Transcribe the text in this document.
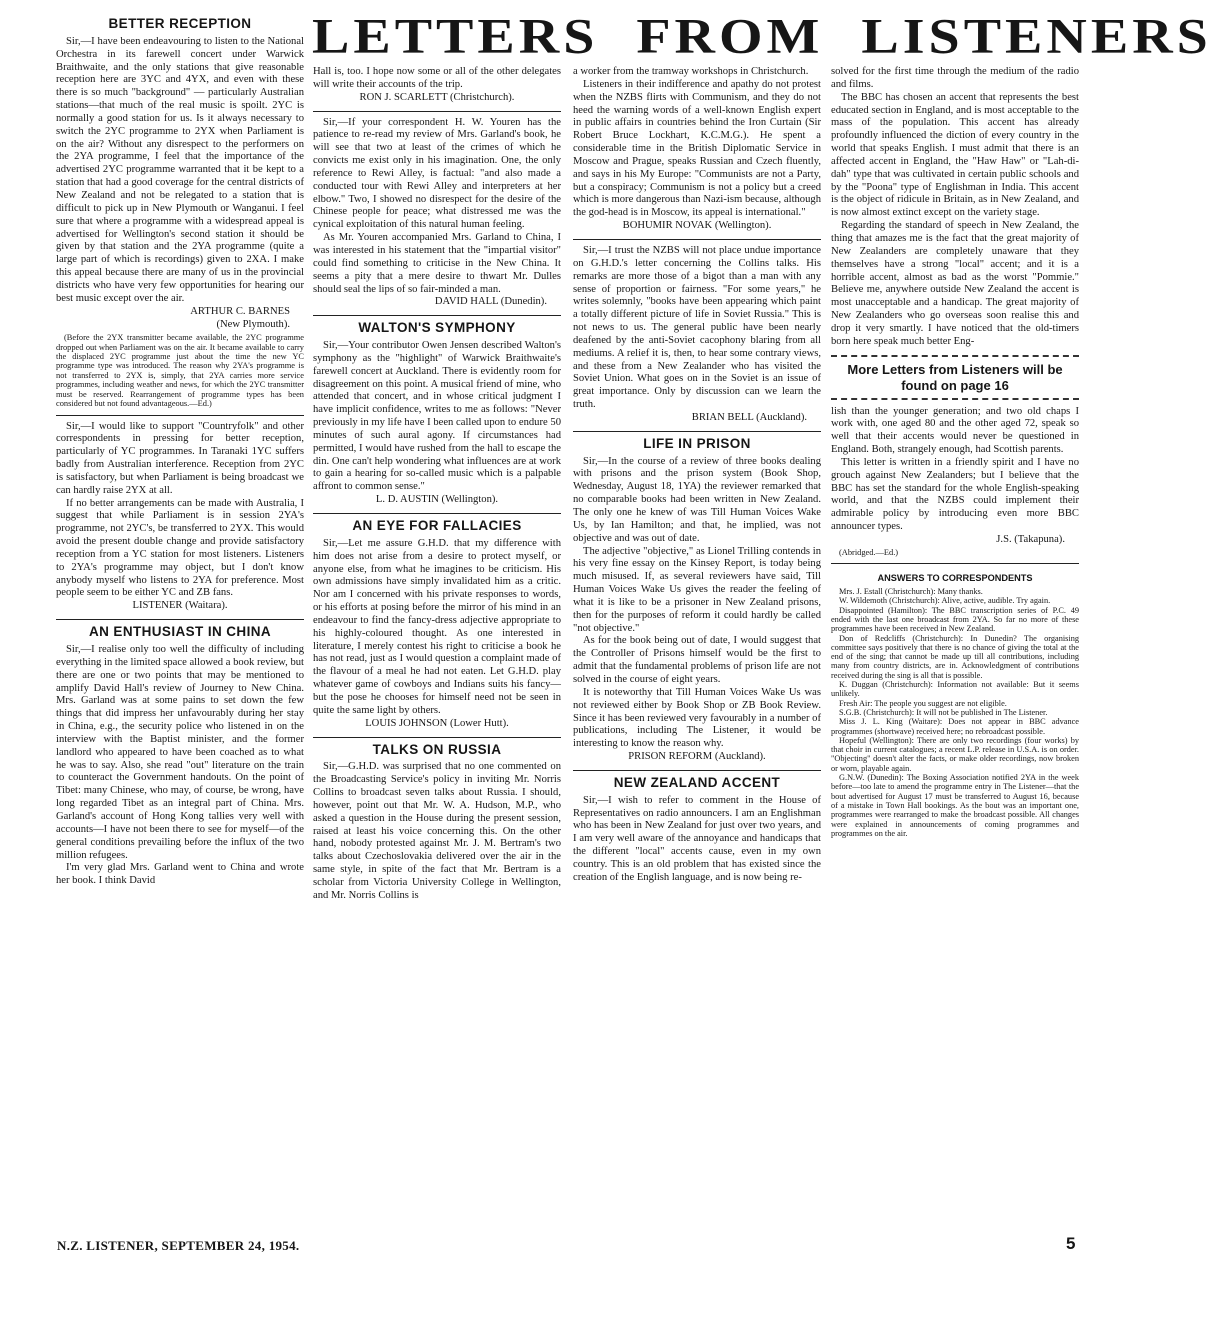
LETTERS FROM LISTENERS
BETTER RECEPTION

Sir,—I have been endeavouring to listen to the National Orchestra in its farewell concert under Warwick Braithwaite, and the only stations that give reasonable reception here are 3YC and 4YX, and even with these there is so much "background" — particularly Australian stations—that much of the real music is spoilt. 2YC is normally a good station for us. Is it always necessary to switch the 2YC programme to 2YX when Parliament is on the air? Without any disrespect to the performers on the 2YA programme, I feel that the importance of the advertised 2YC programme warranted that it be kept to a station that had a good coverage for the central districts of New Zealand and not be relegated to a station that is difficult to pick up in New Plymouth or Wanganui. I feel sure that where a programme with a widespread appeal is advertised for Wellington's second station it should be given by that station and the 2YA programme (quite a large part of which is recordings) given to 2XA. I make this appeal because there are many of us in the provincial districts who have very few opportunities for hearing our best music except over the air.

ARTHUR C. BARNES

(New Plymouth).

(Before the 2YX transmitter became available, the 2YC programme dropped out when Parliament was on the air. It became available to carry the displaced 2YC programme just about the time the new YC programme type was introduced. The reason why 2YA's programme is not transferred to 2YX is, simply, that 2YA carries more service programmes, including weather and news, for which the 2YC transmitter must be reserved. Rearrangement of programme types has been considered but not found advantageous.—Ed.)

Sir,—I would like to support "Countryfolk" and other correspondents in pressing for better reception, particularly of YC programmes. In Taranaki 1YC suffers badly from Australian interference. Reception from 2YC is satisfactory, but when Parliament is being broadcast we can hardly raise 2YX at all.

If no better arrangements can be made with Australia, I suggest that while Parliament is in session 2YA's programme, not 2YC's, be transferred to 2YX. This would avoid the present double change and provide satisfactory reception from a YC station for most listeners. Listeners to 2YA's programme may object, but I don't know anybody myself who listens to 2YA for preference. Most people seem to be either YC and ZB fans.

LISTENER (Waitara).

AN ENTHUSIAST IN CHINA

Sir,—I realise only too well the difficulty of including everything in the limited space allowed a book review, but there are one or two points that may be mentioned to amplify David Hall's review of Journey to New China. Mrs. Garland was at some pains to set down the few things that did impress her unfavourably during her stay in China, e.g., the security police who listened in on the interview with the Baptist minister, and the former landlord who appeared to have been coached as to what he was to say. Also, she read "out" literature on the train to counteract the Government handouts. On the point of Tibet: many Chinese, who may, of course, be wrong, have long regarded Tibet as an integral part of China. Mrs. Garland's account of Hong Kong tallies very well with accounts—I have not been there to see for myself—of the general conditions prevailing before the influx of the two million refugees.

I'm very glad Mrs. Garland went to China and wrote her book. I think David

Hall is, too. I hope now some or all of the other delegates will write their accounts of the trip.

RON J. SCARLETT (Christchurch).

Sir,—If your correspondent H. W. Youren has the patience to re-read my review of Mrs. Garland's book, he will see that two at least of the crimes of which he convicts me exist only in his imagination. One, the only reference to Rewi Alley, is factual: "and also made a conducted tour with Rewi Alley and interpreters at her elbow." Two, I showed no disrespect for the desire of the Chinese people for peace; what distressed me was the cynical exploitation of this natural human feeling.

As Mr. Youren accompanied Mrs. Garland to China, I was interested in his statement that the "impartial visitor" could find something to criticise in the New China. It seems a pity that a mere desire to thwart Mr. Dulles should seal the lips of so fair-minded a man.

DAVID HALL (Dunedin).

WALTON'S SYMPHONY

Sir,—Your contributor Owen Jensen described Walton's symphony as the "highlight" of Warwick Braithwaite's farewell concert at Auckland. There is evidently room for disagreement on this point. A musical friend of mine, who attended that concert, and in whose critical judgment I have implicit confidence, writes to me as follows: "Never previously in my life have I been called upon to endure 50 minutes of such aural agony. If circumstances had permitted, I would have rushed from the hall to escape the din. One can't help wondering what influences are at work to gain a hearing for so-called music which is a palpable affront to common sense."

L. D. AUSTIN (Wellington).

AN EYE FOR FALLACIES

Sir,—Let me assure G.H.D. that my difference with him does not arise from a desire to protect myself, or anyone else, from what he imagines to be criticism. His own admissions have simply invalidated him as a critic. Nor am I concerned with his private responses to words, or his efforts at posing before the mirror of his mind in an endeavour to find the fancy-dress adjective appropriate to his highly-coloured thought. As one interested in literature, I merely contest his right to criticise a book he has not read, just as I would question a complaint made of the flavour of a meal he had not eaten. Let G.H.D. play whatever game of cowboys and Indians suits his fancy—but the pose he chooses for himself need not be seen in quite the same light by others.

LOUIS JOHNSON (Lower Hutt).

TALKS ON RUSSIA

Sir,—G.H.D. was surprised that no one commented on the Broadcasting Service's policy in inviting Mr. Norris Collins to broadcast seven talks about Russia. I should, however, point out that Mr. W. A. Hudson, M.P., who asked a question in the House during the present session, raised at least his voice concerning this. On the other hand, nobody protested against Mr. J. M. Bertram's two talks about Czechoslovakia delivered over the air in the same style, in spite of the fact that Mr. Bertram is a scholar from Victoria University College in Wellington, and Mr. Norris Collins is

a worker from the tramway workshops in Christchurch.

Listeners in their indifference and apathy do not protest when the NZBS flirts with Communism, and they do not heed the warning words of a well-known English expert in public affairs in countries behind the Iron Curtain (Sir Robert Bruce Lockhart, K.C.M.G.). He spent a considerable time in the British Diplomatic Service in Moscow and Prague, speaks Russian and Czech fluently, and says in his My Europe: "Communists are not a Party, but a conspiracy; Communism is not a policy but a creed which is more dangerous than Nazi-ism because, although the god-head is in Moscow, its appeal is international."

BOHUMIR NOVAK (Wellington).

Sir,—I trust the NZBS will not place undue importance on G.H.D.'s letter concerning the Collins talks. His remarks are more those of a bigot than a man with any sense of proportion or fairness. "For some years," he writes solemnly, "books have been appearing which paint a totally different picture of life in Soviet Russia." This is not news to us. The general public have been nearly deafened by the anti-Soviet cacophony blaring from all mediums. A relief it is, then, to hear some contrary views, and these from a New Zealander who has visited the Soviet Union. What goes on in the Soviet is an issue of great importance. Only by discussion can we learn the truth.

BRIAN BELL (Auckland).

LIFE IN PRISON

Sir,—In the course of a review of three books dealing with prisons and the prison system (Book Shop, Wednesday, August 18, 1YA) the reviewer remarked that no comparable books had been written in New Zealand. The only one he knew of was Till Human Voices Wake Us, by Ian Hamilton; and that, he implied, was not objective and was out of date.

The adjective "objective," as Lionel Trilling contends in his very fine essay on the Kinsey Report, is today being much misused. If, as several reviewers have said, Till Human Voices Wake Us gives the reader the feeling of what it is like to be a prisoner in New Zealand prisons, then for the purposes of reform it could hardly be called "not objective."

As for the book being out of date, I would suggest that the Controller of Prisons himself would be the first to admit that the fundamental problems of prison life are not solved in the course of eight years.

It is noteworthy that Till Human Voices Wake Us was not reviewed either by Book Shop or ZB Book Review. Since it has been reviewed very favourably in a number of publications, including The Listener, it would be interesting to know the reason why.

PRISON REFORM (Auckland).

NEW ZEALAND ACCENT

Sir,—I wish to refer to comment in the House of Representatives on radio announcers. I am an Englishman who has been in New Zealand for just over two years, and I am very well aware of the annoyance and handicaps that the different "local" accents cause, even in my own country. This is an old problem that has existed since the creation of the English language, and is now being re-

solved for the first time through the medium of the radio and films.

The BBC has chosen an accent that represents the best educated section in England, and is most acceptable to the mass of the population. This accent has already profoundly influenced the diction of every country in the world that speaks English. I must admit that there is an affected accent in England, the "Haw Haw" or "Lah-di-dah" type that was cultivated in certain public schools and by the "Poona" type of Englishman in India. This accent is the object of ridicule in Britain, as in New Zealand, and is now almost extinct except on the variety stage.

Regarding the standard of speech in New Zealand, the thing that amazes me is the fact that the great majority of New Zealanders are completely unaware that they themselves have a strong "local" accent; and it is a horrible accent, almost as bad as the worst "Pommie." Believe me, anywhere outside New Zealand the accent is most unacceptable and a handicap. The great majority of New Zealanders who go overseas soon realise this and drop it very smartly. I have noticed that the old-timers born here speak much better Eng-

More Letters from Listeners will be found on page 16

lish than the younger generation; and two old chaps I work with, one aged 80 and the other aged 72, speak so well that their accents would never be questioned in England. Both, strangely enough, had Scottish parents.

This letter is written in a friendly spirit and I have no grouch against New Zealanders; but I believe that the BBC has set the standard for the whole English-speaking world, and that the NZBS could implement their admirable policy by introducing even more BBC announcer types.

J.S. (Takapuna).

(Abridged.—Ed.)

ANSWERS TO CORRESPONDENTS

Mrs. J. Estall (Christchurch): Many thanks.

W. Wildemoth (Christchurch): Alive, active, audible. Try again.

Disappointed (Hamilton): The BBC transcription series of P.C. 49 ended with the last one broadcast from 2YA. So far no more of these programmes have been received in New Zealand.

Don of Redcliffs (Christchurch): In Dunedin? The organising committee says positively that there is no chance of giving the total at the end of the sing; that cannot be made up till all contributions, including many from country districts, are in. Acknowledgment of contributions received during the sing is all that is possible.

K. Duggan (Christchurch): Information not available: But it seems unlikely.

Fresh Air: The people you suggest are not eligible.

S.G.B. (Christchurch): It will not be published in The Listener.

Miss J. L. King (Waitare): Does not appear in BBC advance programmes (shortwave) received here; no rebroadcast possible.

Hopeful (Wellington): There are only two recordings (four works) by that choir in current catalogues; a recent L.P. release in U.S.A. is on order. "Objecting" doesn't alter the facts, or make older recordings, now broken or worn, playable again.

G.N.W. (Dunedin): The Boxing Association notified 2YA in the week before—too late to amend the programme entry in The Listener—that the bout advertised for August 17 must be transferred to August 16, because of a mistake in Town Hall bookings. As the bout was an important one, programmes were rearranged to make the broadcast possible. All changes were explained in announcements of coming programmes and programmes on the air.

N.Z. LISTENER, SEPTEMBER 24, 1954.	5
